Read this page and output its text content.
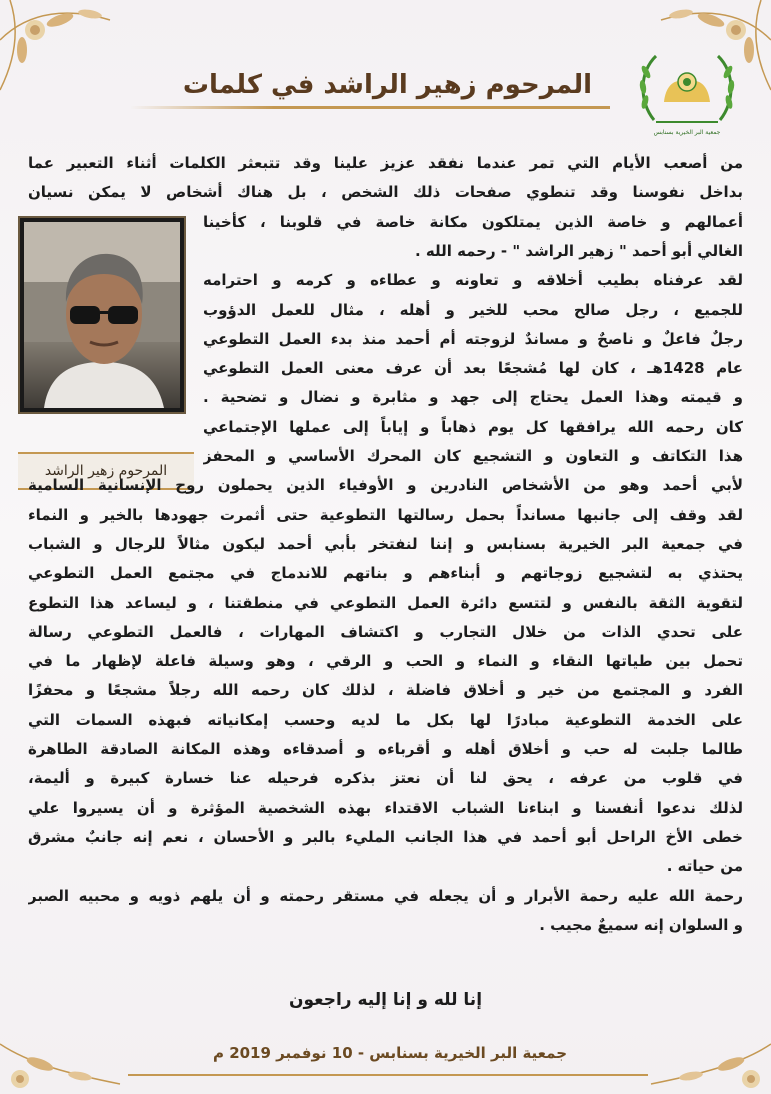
جمعية البر الخيرية بسنابس
المرحوم زهير الراشد في كلمات
المرحوم زهير الراشد
من أصعب الأيام التي تمر عندما نفقد عزيز علينا وقد تتبعثر الكلمات أثناء التعبير عما
بداخل نفوسنا وقد تنطوي صفحات ذلك الشخص ، بل هناك أشخاص لا يمكن نسيان
أعمالهم و خاصة الذين يمتلكون مكانة خاصة في قلوبنا ، كأخينا
الغالي أبو أحمد " زهير الراشد " - رحمه الله .
لقد عرفناه بطيب أخلاقه و تعاونه و عطاءه و كرمه و احترامه
للجميع ، رجل صالح محب للخير و أهله ، مثال للعمل الدؤوب
رجلٌ فاعلٌ و ناصحٌ و مساندٌ لزوجته أم أحمد منذ بدء العمل التطوعي
عام 1428هـ ، كان لها مُشجعًا بعد أن عرف معنى العمل التطوعي
و قيمته وهذا العمل يحتاج إلى جهد و مثابرة و نضال و تضحية .
كان رحمه الله يرافقها كل يوم ذهاباً و إياباً إلى عملها الإجتماعي
هذا التكاتف و التعاون و التشجيع كان المحرك الأساسي و المحفز
لأبي أحمد وهو من الأشخاص النادرين و الأوفياء الذين يحملون روح الإنسانية السامية
لقد وقف إلى جانبها مسانداً بحمل رسالتها التطوعية حتى أثمرت جهودها بالخير و النماء
في جمعية البر الخيرية بسنابس و إننا لنفتخر بأبي أحمد ليكون مثالاً للرجال و الشباب
يحتذي به لتشجيع زوجاتهم و أبناءهم و بناتهم للاندماج في مجتمع العمل التطوعي
لتقوية الثقة بالنفس و لتتسع دائرة العمل التطوعي في منطقتنا ، و ليساعد هذا التطوع
على تحدي الذات من خلال التجارب و اكتشاف المهارات ، فالعمل التطوعي رسالة
تحمل بين طياتها النقاء و النماء و الحب و الرقي ، وهو وسيلة فاعلة لإظهار ما في
الفرد و المجتمع من خير و أخلاق فاضلة ، لذلك كان رحمه الله رجلاً مشجعًا و محفزًا
على الخدمة التطوعية مبادرًا لها بكل ما لديه وحسب إمكانياته فبهذه السمات التي
طالما جلبت له حب و أخلاق أهله و أقرباءه و أصدقاءه وهذه المكانة الصادقة الطاهرة
في قلوب من عرفه ، يحق لنا أن نعتز بذكره فرحيله عنا خسارة كبيرة و أليمة،
لذلك ندعوا أنفسنا و ابناءنا الشباب الاقتداء بهذه الشخصية المؤثرة و أن يسيروا علي
خطى الأخ الراحل أبو أحمد في هذا الجانب المليء بالبر و الأحسان ، نعم إنه جانبٌ مشرق
من حياته .
رحمة الله عليه رحمة الأبرار و أن يجعله في مستقر رحمته و أن يلهم ذويه و محبيه الصبر
و السلوان إنه سميعٌ مجيب .
إنا لله و إنا إليه راجعون
جمعية البر الخيرية بسنابس - 10 نوفمبر 2019 م
